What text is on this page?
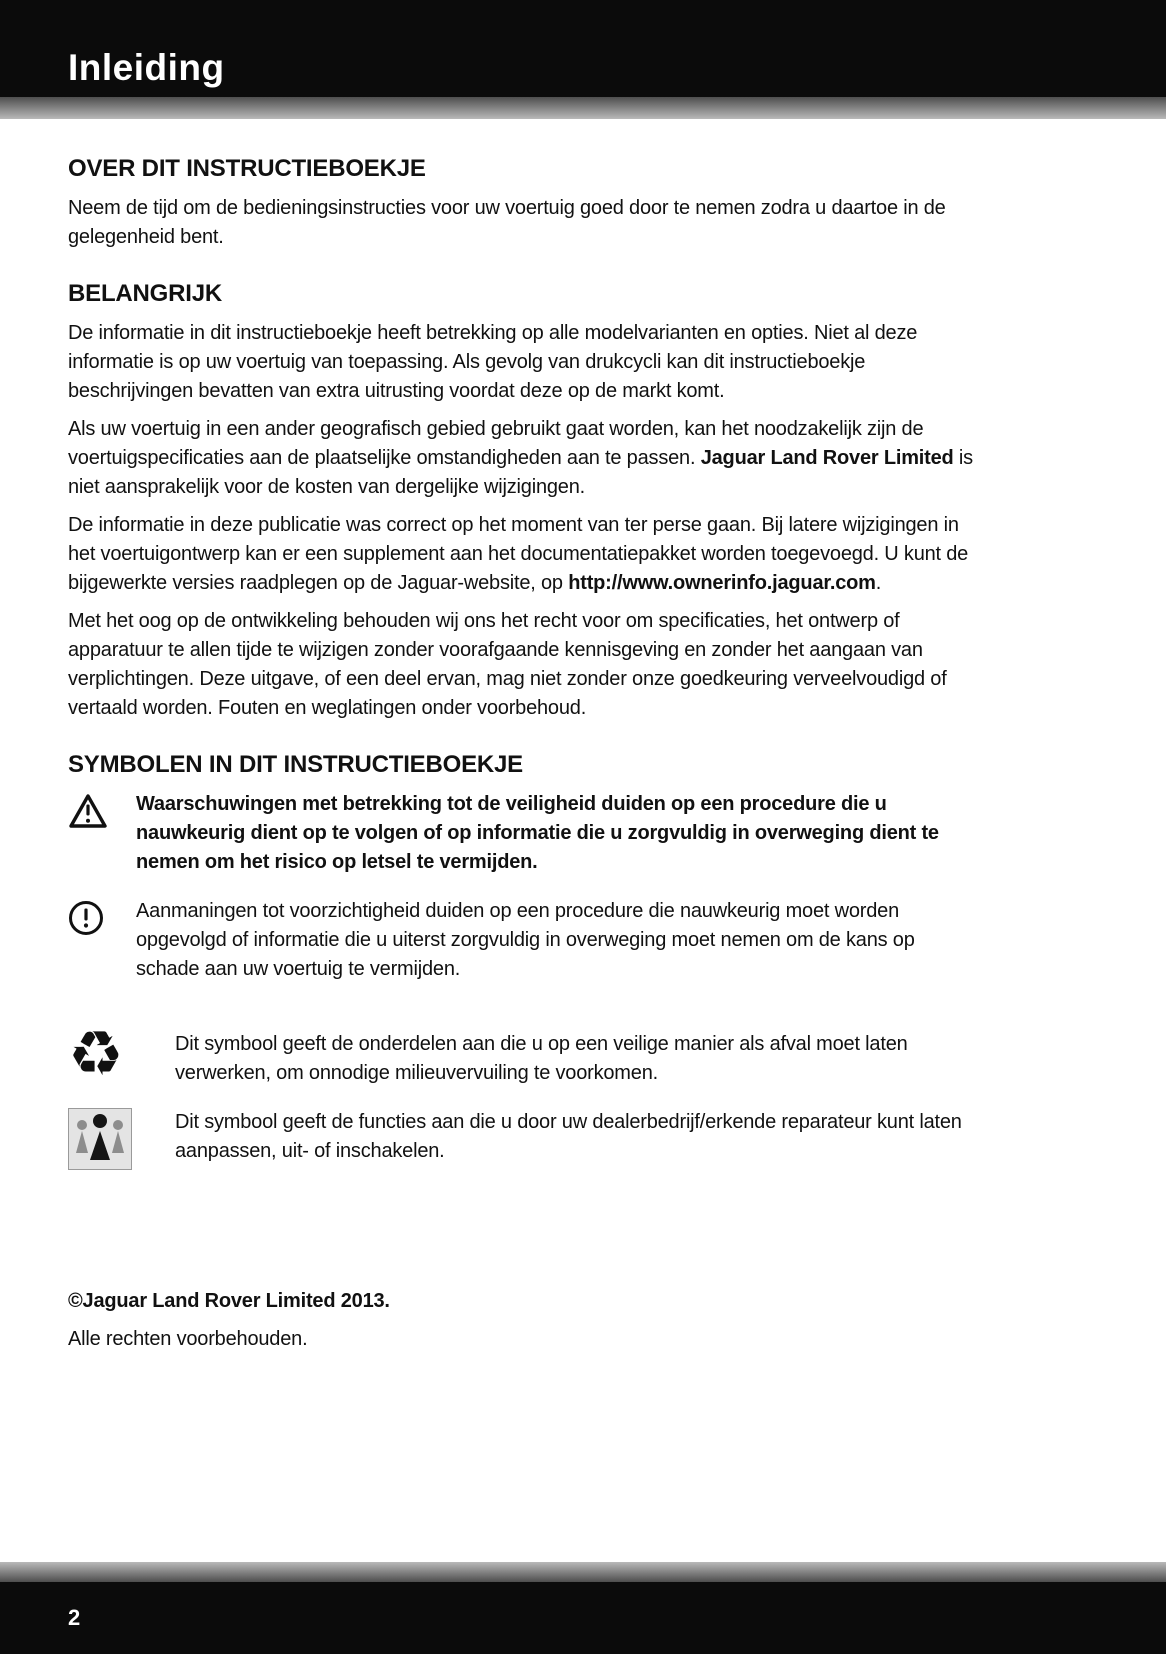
Inleiding
OVER DIT INSTRUCTIEBOEKJE

Neem de tijd om de bedieningsinstructies voor uw voertuig goed door te nemen zodra u daartoe in de gelegenheid bent.

BELANGRIJK

De informatie in dit instructieboekje heeft betrekking op alle modelvarianten en opties. Niet al deze informatie is op uw voertuig van toepassing. Als gevolg van drukcycli kan dit instructieboekje beschrijvingen bevatten van extra uitrusting voordat deze op de markt komt.

Als uw voertuig in een ander geografisch gebied gebruikt gaat worden, kan het noodzakelijk zijn de voertuigspecificaties aan de plaatselijke omstandigheden aan te passen. Jaguar Land Rover Limited is niet aansprakelijk voor de kosten van dergelijke wijzigingen.

De informatie in deze publicatie was correct op het moment van ter perse gaan. Bij latere wijzigingen in het voertuigontwerp kan er een supplement aan het documentatiepakket worden toegevoegd. U kunt de bijgewerkte versies raadplegen op de Jaguar-website, op http://www.ownerinfo.jaguar.com.

Met het oog op de ontwikkeling behouden wij ons het recht voor om specificaties, het ontwerp of apparatuur te allen tijde te wijzigen zonder voorafgaande kennisgeving en zonder het aangaan van verplichtingen. Deze uitgave, of een deel ervan, mag niet zonder onze goedkeuring verveelvoudigd of vertaald worden. Fouten en weglatingen onder voorbehoud.

SYMBOLEN IN DIT INSTRUCTIEBOEKJE

Waarschuwingen met betrekking tot de veiligheid duiden op een procedure die u nauwkeurig dient op te volgen of op informatie die u zorgvuldig in overweging dient te nemen om het risico op letsel te vermijden.

Aanmaningen tot voorzichtigheid duiden op een procedure die nauwkeurig moet worden opgevolgd of informatie die u uiterst zorgvuldig in overweging moet nemen om de kans op schade aan uw voertuig te vermijden.

♻	Dit symbool geeft de onderdelen aan die u op een veilige manier als afval moet laten verwerken, om onnodige milieuvervuiling te voorkomen.

Dit symbool geeft de functies aan die u door uw dealerbedrijf/erkende reparateur kunt laten aanpassen, uit- of inschakelen.

©Jaguar Land Rover Limited 2013.

Alle rechten voorbehouden.

2
